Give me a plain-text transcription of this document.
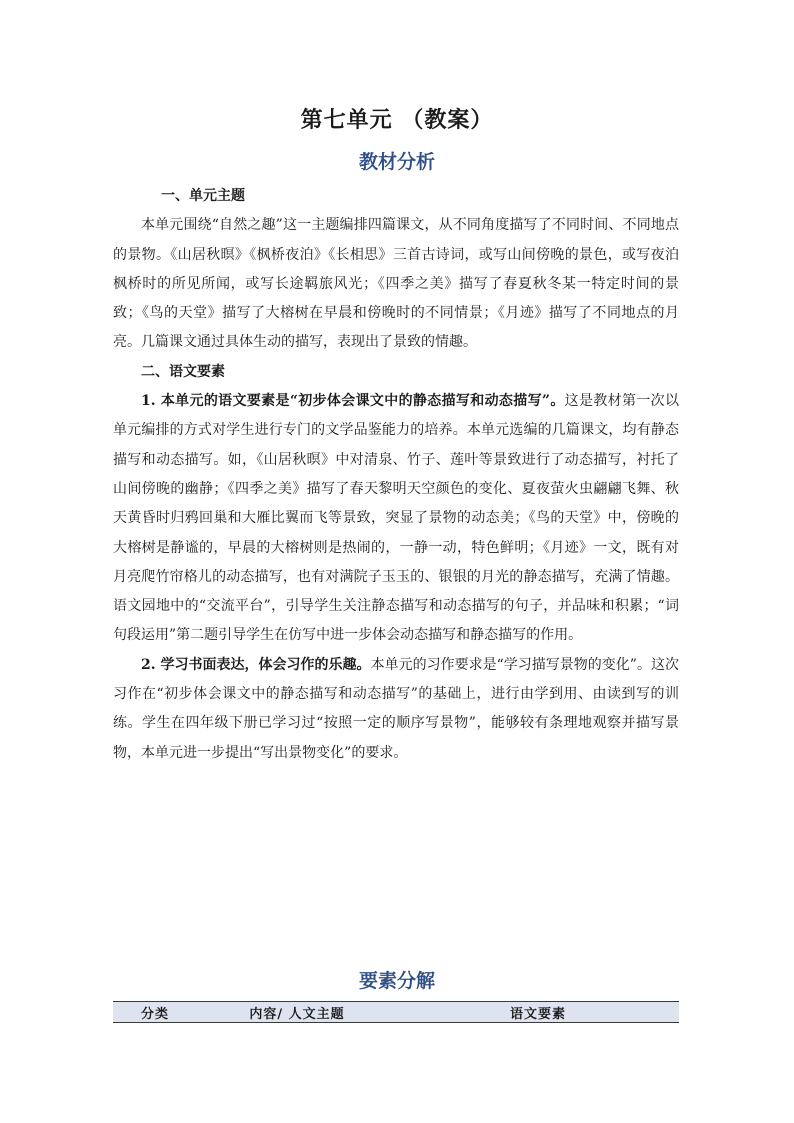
第七单元 （教案）
教材分析
一、单元主题

本单元围绕“自然之趣”这一主题编排四篇课文，从不同角度描写了不同时间、不同地点的景物。《山居秋暝》《枫桥夜泊》《长相思》三首古诗词，或写山间傍晚的景色，或写夜泊枫桥时的所见所闻，或写长途羁旅风光；《四季之美》描写了春夏秋冬某一特定时间的景致；《鸟的天堂》描写了大榕树在早晨和傍晚时的不同情景；《月迹》描写了不同地点的月亮。几篇课文通过具体生动的描写，表现出了景致的情趣。

二、语文要素

1. 本单元的语文要素是“初步体会课文中的静态描写和动态描写”。这是教材第一次以单元编排的方式对学生进行专门的文学品鉴能力的培养。本单元选编的几篇课文，均有静态描写和动态描写。如，《山居秋暝》中对清泉、竹子、莲叶等景致进行了动态描写，衬托了山间傍晚的幽静；《四季之美》描写了春天黎明天空颜色的变化、夏夜萤火虫翩翩飞舞、秋天黄昏时归鸦回巢和大雁比翼而飞等景致，突显了景物的动态美；《鸟的天堂》中，傍晚的大榕树是静谧的，早晨的大榕树则是热闹的，一静一动，特色鲜明；《月迹》一文，既有对月亮爬竹帘格儿的动态描写，也有对满院子玉玉的、银银的月光的静态描写，充满了情趣。语文园地中的“交流平台”，引导学生关注静态描写和动态描写的句子，并品味和积累；“词句段运用”第二题引导学生在仿写中进一步体会动态描写和静态描写的作用。

2. 学习书面表达，体会习作的乐趣。本单元的习作要求是“学习描写景物的变化”。这次习作在“初步体会课文中的静态描写和动态描写”的基础上，进行由学到用、由读到写的训练。学生在四年级下册已学习过“按照一定的顺序写景物”，能够较有条理地观察并描写景物，本单元进一步提出“写出景物变化”的要求。

要素分解
分类	内容/ 人文主题	语文要素
